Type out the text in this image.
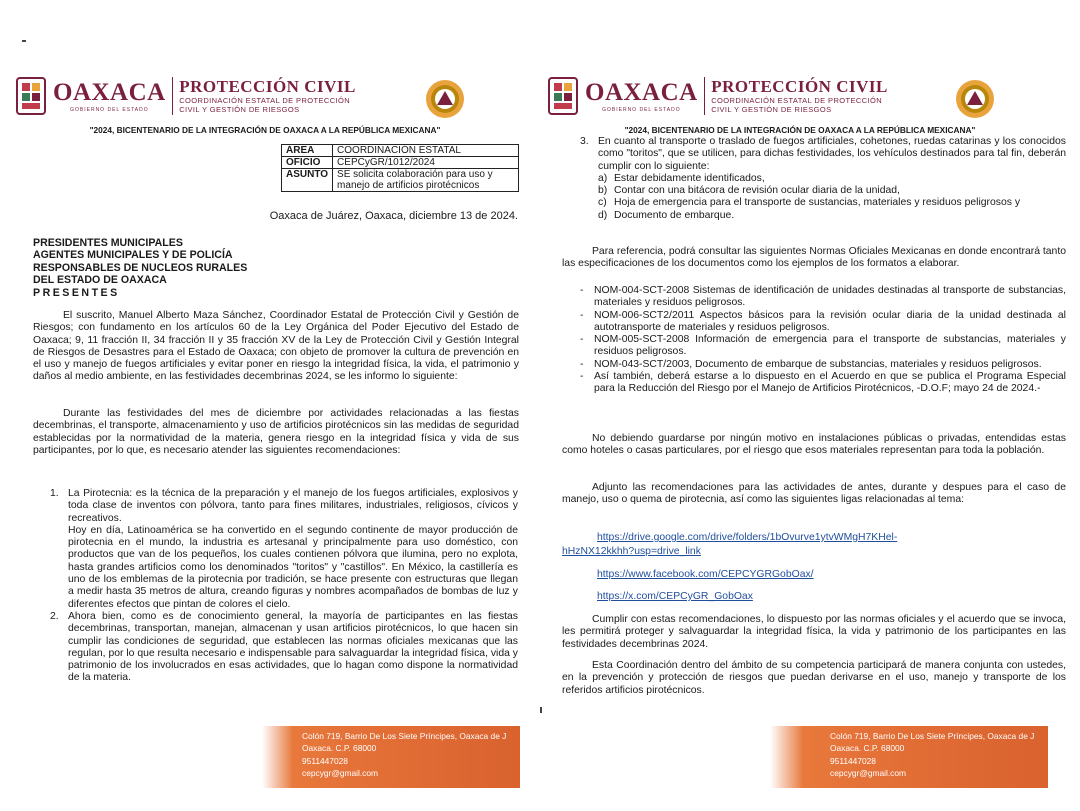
OAXACA
GOBIERNO DEL ESTADO
PROTECCIÓN CIVIL
COORDINACIÓN ESTATAL DE PROTECCIÓN
CIVIL Y GESTIÓN DE RIESGOS
"2024, BICENTENARIO DE LA INTEGRACIÓN DE OAXACA A LA REPÚBLICA MEXICANA"
ÁREA	COORDINACIÓN ESTATAL
OFICIO	CEPCyGR/1012/2024
ASUNTO	SE solicita colaboración para uso y manejo de artificios pirotécnicos
Oaxaca de Juárez, Oaxaca, diciembre 13 de 2024.
PRESIDENTES MUNICIPALES
AGENTES MUNICIPALES Y DE POLICÍA
RESPONSABLES DE NUCLEOS RURALES
DEL ESTADO DE OAXACA
PRESENTES
El suscrito, Manuel Alberto Maza Sánchez, Coordinador Estatal de Protección Civil y Gestión de Riesgos; con fundamento en los artículos 60 de la Ley Orgánica del Poder Ejecutivo del Estado de Oaxaca; 9, 11 fracción II, 34 fracción II y 35 fracción XV de la Ley de Protección Civil y Gestión Integral de Riesgos de Desastres para el Estado de Oaxaca; con objeto de promover la cultura de prevención en el uso y manejo de fuegos artificiales y evitar poner en riesgo la integridad física, la vida, el patrimonio y daños al medio ambiente, en las festividades decembrinas 2024, se les informo lo siguiente:
Durante las festividades del mes de diciembre por actividades relacionadas a las fiestas decembrinas, el transporte, almacenamiento y uso de artificios pirotécnicos sin las medidas de seguridad establecidas por la normatividad de la materia, genera riesgo en la integridad física y vida de sus participantes, por lo que, es necesario atender las siguientes recomendaciones:
1. La Pirotecnia: es la técnica de la preparación y el manejo de los fuegos artificiales, explosivos y toda clase de inventos con pólvora, tanto para fines militares, industriales, religiosos, cívicos y recreativos.
Hoy en día, Latinoamérica se ha convertido en el segundo continente de mayor producción de pirotecnia en el mundo, la industria es artesanal y principalmente para uso doméstico, con productos que van de los pequeños, los cuales contienen pólvora que ilumina, pero no explota, hasta grandes artificios como los denominados "toritos" y "castillos". En México, la castillería es uno de los emblemas de la pirotecnia por tradición, se hace presente con estructuras que llegan a medir hasta 35 metros de altura, creando figuras y nombres acompañados de bombas de luz y diferentes efectos que pintan de colores el cielo.
2. Ahora bien, como es de conocimiento general, la mayoría de participantes en las fiestas decembrinas, transportan, manejan, almacenan y usan artificios pirotécnicos, lo que hacen sin cumplir las condiciones de seguridad, que establecen las normas oficiales mexicanas que las regulan, por lo que resulta necesario e indispensable para salvaguardar la integridad física, vida y patrimonio de los involucrados en esas actividades, que lo hagan como dispone la normatividad de la materia.
Colón 719, Barrio De Los Siete Príncipes, Oaxaca de J
Oaxaca. C.P. 68000
9511447028
cepcygr@gmail.com
OAXACA
GOBIERNO DEL ESTADO
PROTECCIÓN CIVIL
COORDINACIÓN ESTATAL DE PROTECCIÓN
CIVIL Y GESTIÓN DE RIESGOS
"2024, BICENTENARIO DE LA INTEGRACIÓN DE OAXACA A LA REPÚBLICA MEXICANA"
3. En cuanto al transporte o traslado de fuegos artificiales, cohetones, ruedas catarinas y los conocidos como "toritos", que se utilicen, para dichas festividades, los vehículos destinados para tal fin, deberán cumplir con lo siguiente:
a) Estar debidamente identificados,
b) Contar con una bitácora de revisión ocular diaria de la unidad,
c) Hoja de emergencia para el transporte de sustancias, materiales y residuos peligrosos y
d) Documento de embarque.
Para referencia, podrá consultar las siguientes Normas Oficiales Mexicanas en donde encontrará tanto las especificaciones de los documentos como los ejemplos de los formatos a elaborar.
- NOM-004-SCT-2008 Sistemas de identificación de unidades destinadas al transporte de substancias, materiales y residuos peligrosos.
- NOM-006-SCT2/2011 Aspectos básicos para la revisión ocular diaria de la unidad destinada al autotransporte de materiales y residuos peligrosos.
- NOM-005-SCT-2008 Información de emergencia para el transporte de substancias, materiales y residuos peligrosos.
- NOM-043-SCT/2003, Documento de embarque de substancias, materiales y residuos peligrosos.
- Así también, deberá estarse a lo dispuesto en el Acuerdo en que se publica el Programa Especial para la Reducción del Riesgo por el Manejo de Artificios Pirotécnicos, -D.O.F; mayo 24 de 2024.-
No debiendo guardarse por ningún motivo en instalaciones públicas o privadas, entendidas estas como hoteles o casas particulares, por el riesgo que esos materiales representan para toda la población.
Adjunto las recomendaciones para las actividades de antes, durante y despues para el caso de manejo, uso o quema de pirotecnia, así como las siguientes ligas relacionadas al tema:
https://drive.google.com/drive/folders/1bOvurve1ytvWMgH7KHel-
hHzNX12kkhh?usp=drive_link
https://www.facebook.com/CEPCYGRGobOax/
https://x.com/CEPCyGR_GobOax
Cumplir con estas recomendaciones, lo dispuesto por las normas oficiales y el acuerdo que se invoca, les permitirá proteger y salvaguardar la integridad física, la vida y patrimonio de los participantes en las festividades decembrinas 2024.
Esta Coordinación dentro del ámbito de su competencia participará de manera conjunta con ustedes, en la prevención y protección de riesgos que puedan derivarse en el uso, manejo y transporte de los referidos artificios pirotécnicos.
Colón 719, Barrio De Los Siete Príncipes, Oaxaca de J
Oaxaca. C.P. 68000
9511447028
cepcygr@gmail.com
